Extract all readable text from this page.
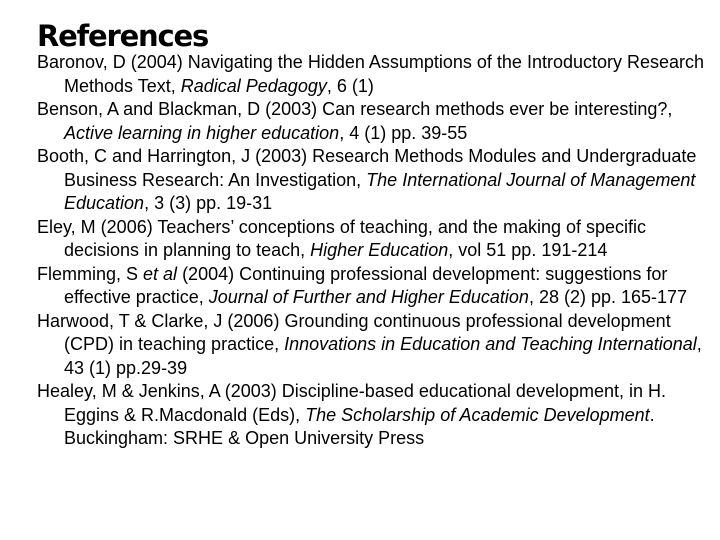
References
Baronov, D (2004) Navigating the Hidden Assumptions of the Introductory Research Methods Text, Radical Pedagogy, 6 (1)
Benson, A and Blackman, D (2003) Can research methods ever be interesting?, Active learning in higher education, 4 (1) pp. 39-55
Booth, C and Harrington, J (2003) Research Methods Modules and Undergraduate Business Research: An Investigation, The International Journal of Management Education, 3 (3) pp. 19-31
Eley, M (2006) Teachers’ conceptions of teaching, and the making of specific decisions in planning to teach, Higher Education, vol 51 pp. 191-214
Flemming, S et al (2004) Continuing professional development: suggestions for effective practice, Journal of Further and Higher Education, 28 (2) pp. 165-177
Harwood, T & Clarke, J (2006) Grounding continuous professional development (CPD) in teaching practice, Innovations in Education and Teaching International, 43 (1) pp.29-39
Healey, M & Jenkins, A (2003) Discipline-based educational development, in H. Eggins & R.Macdonald (Eds), The Scholarship of Academic Development. Buckingham: SRHE & Open University Press
